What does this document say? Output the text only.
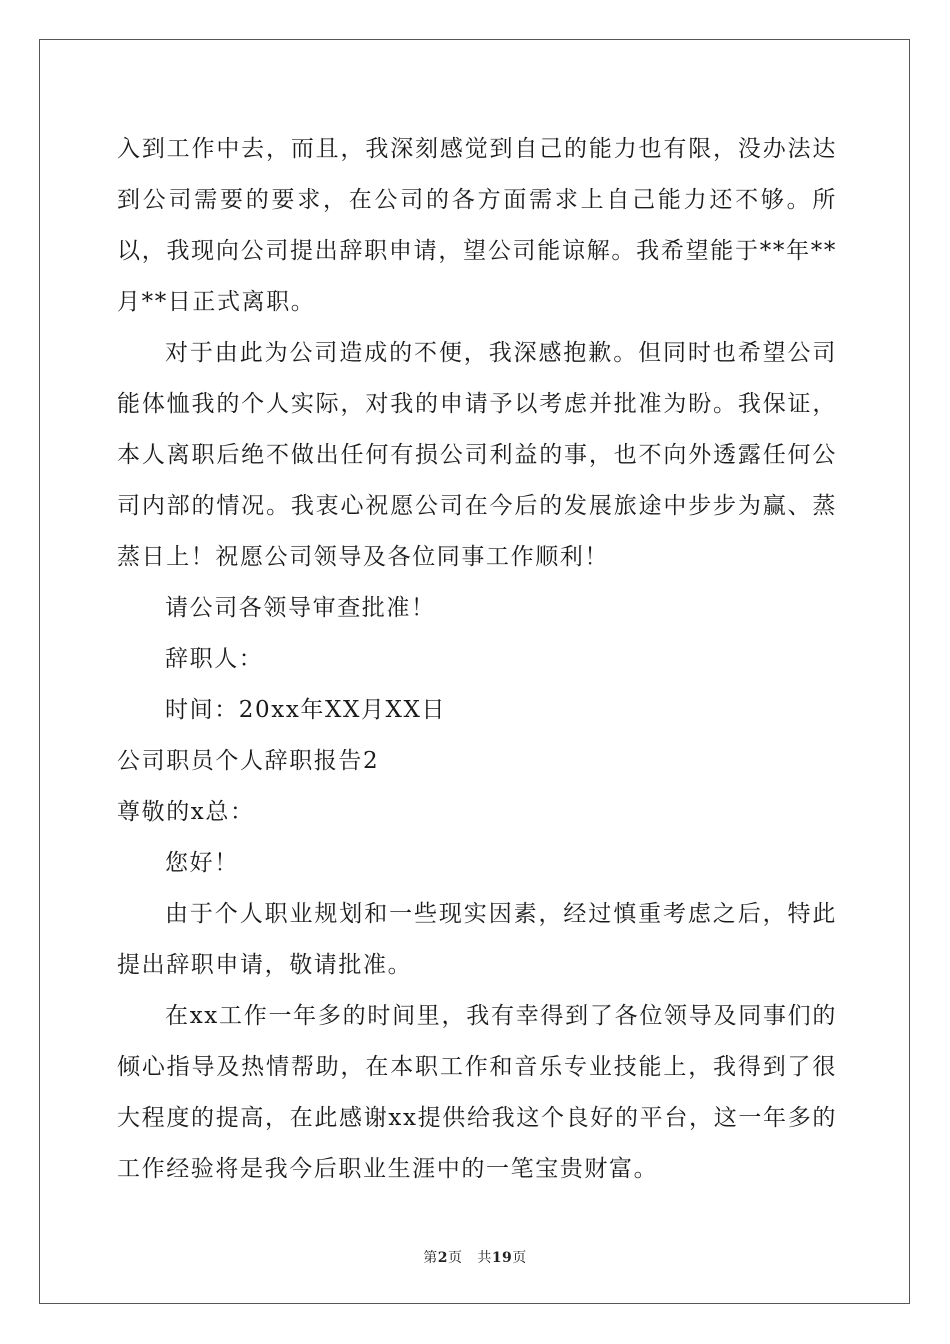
入到工作中去，而且，我深刻感觉到自己的能力也有限，没办法达到公司需要的要求，在公司的各方面需求上自己能力还不够。所以，我现向公司提出辞职申请，望公司能谅解。我希望能于**年**月**日正式离职。

对于由此为公司造成的不便，我深感抱歉。但同时也希望公司能体恤我的个人实际，对我的申请予以考虑并批准为盼。我保证，本人离职后绝不做出任何有损公司利益的事，也不向外透露任何公司内部的情况。我衷心祝愿公司在今后的发展旅途中步步为赢、蒸蒸日上！祝愿公司领导及各位同事工作顺利！

请公司各领导审查批准！

辞职人：

时间：20xx年XX月XX日

公司职员个人辞职报告2

尊敬的x总：

您好！

由于个人职业规划和一些现实因素，经过慎重考虑之后，特此提出辞职申请，敬请批准。

在xx工作一年多的时间里，我有幸得到了各位领导及同事们的倾心指导及热情帮助，在本职工作和音乐专业技能上，我得到了很大程度的提高，在此感谢xx提供给我这个良好的平台，这一年多的工作经验将是我今后职业生涯中的一笔宝贵财富。

第2页 共19页
